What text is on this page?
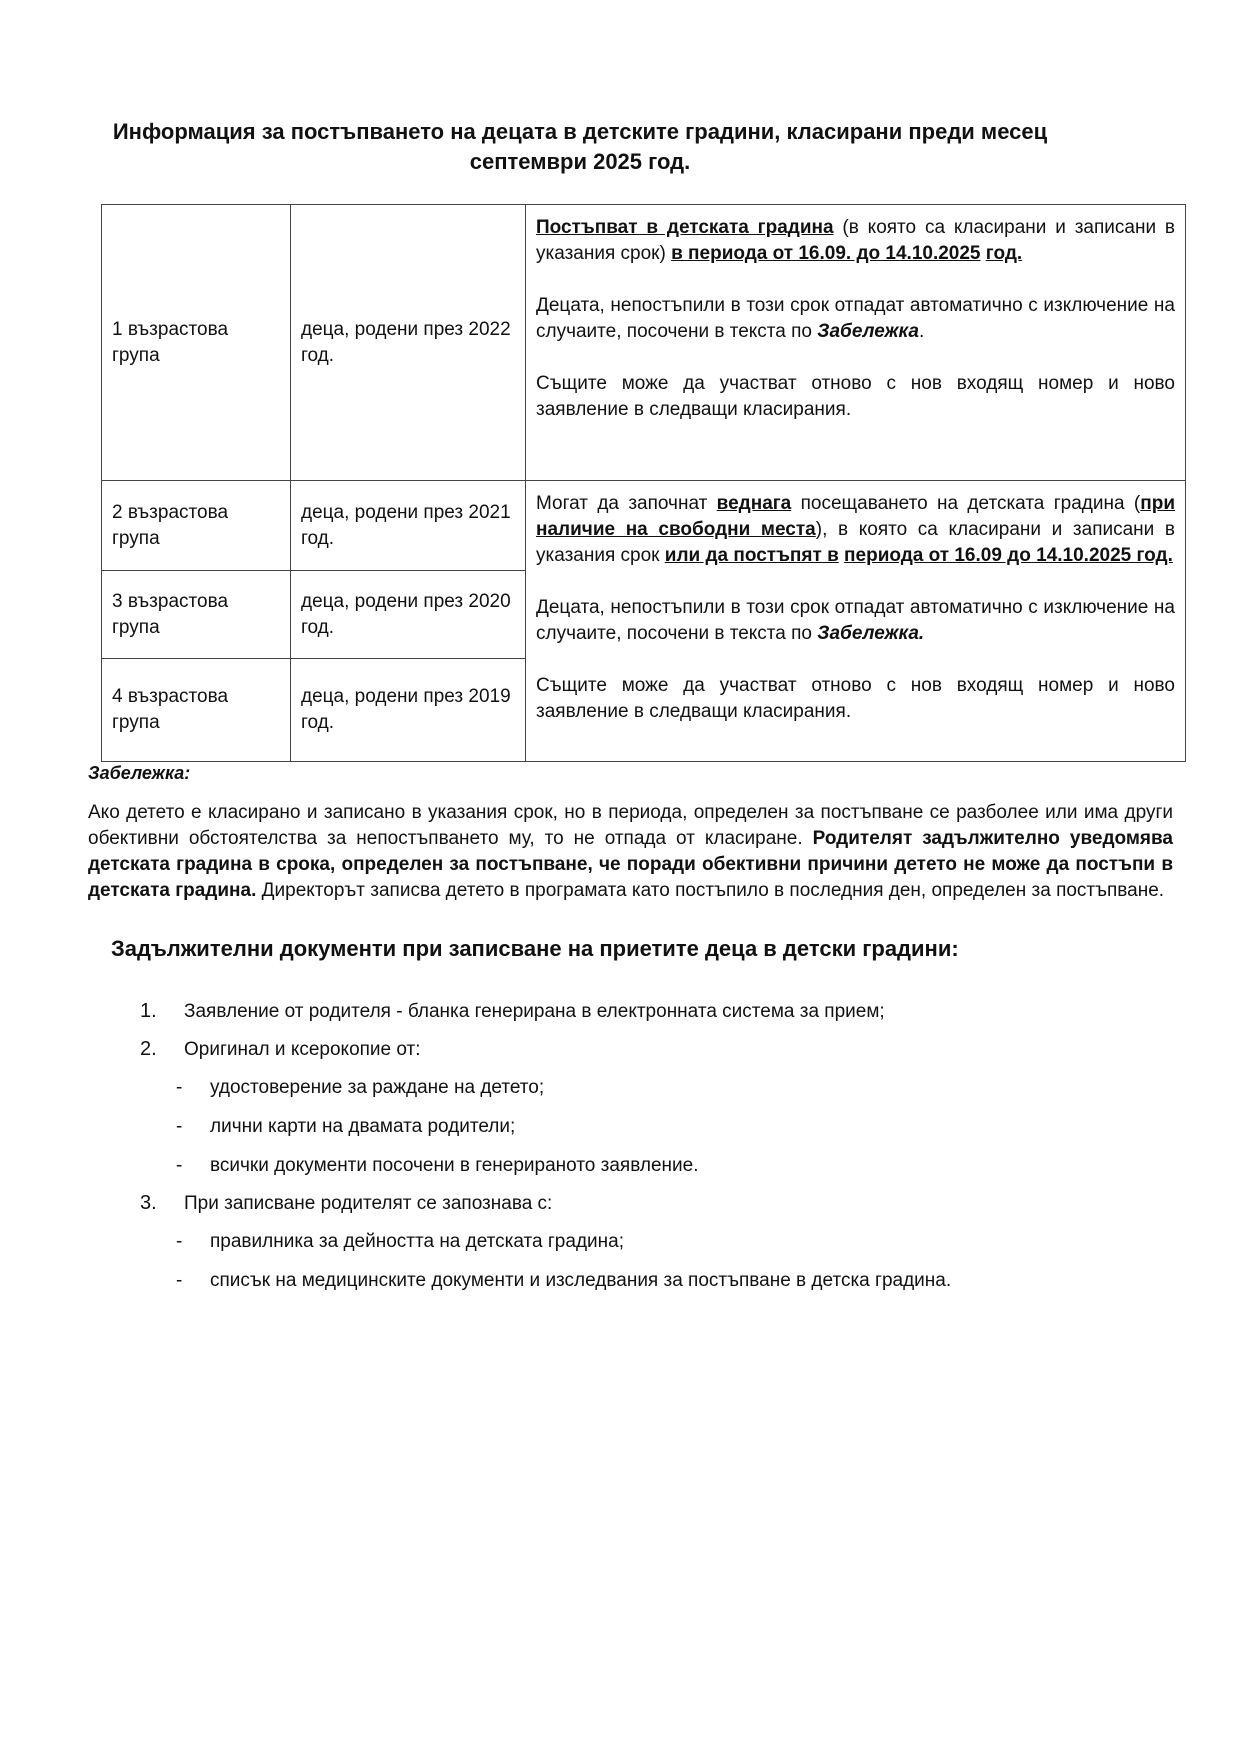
Информация за постъпването на децата в детските градини, класирани преди месец
септември 2025 год.
1 възрастова група	деца, родени през 2022 год.	Постъпват в детската градина (в която са класирани и записани в указания срок) в периода от 16.09. до 14.10.2025 год.

Децата, непостъпили в този срок отпадат автоматично с изключение на случаите, посочени в текста по Забележка.

Същите може да участват отново с нов входящ номер и ново заявление в следващи класирания.

2 възрастова група	деца, родени през 2021 год.	Могат да започнат веднага посещаването на детската градина (при наличие на свободни места), в която са класирани и записани в указания срок или да постъпят в периода от 16.09 до 14.10.2025 год.

Децата, непостъпили в този срок отпадат автоматично с изключение на случаите, посочени в текста по Забележка.

Същите може да участват отново с нов входящ номер и ново заявление в следващи класирания.

3 възрастова група	деца, родени през 2020 год.	
4 възрастова група	деца, родени през 2019 год.	
Забележка:
Ако детето е класирано и записано в указания срок, но в периода, определен за постъпване се разболее или има други обективни обстоятелства за непостъпването му, то не отпада от класиране. Родителят задължително уведомява детската градина в срока, определен за постъпване, че поради обективни причини детето не може да постъпи в детската градина. Директорът записва детето в програмата като постъпило в последния ден, определен за постъпване.
Задължителни документи при записване на приетите деца в детски градини:
1. Заявление от родителя - бланка генерирана в електронната система за прием;
2. Оригинал и ксерокопие от:
- удостоверение за раждане на детето;
- лични карти на двамата родители;
- всички документи посочени в генерираното заявление.
3. При записване родителят се запознава с:
- правилника за дейността на детската градина;
- списък на медицинските документи и изследвания за постъпване в детска градина.
